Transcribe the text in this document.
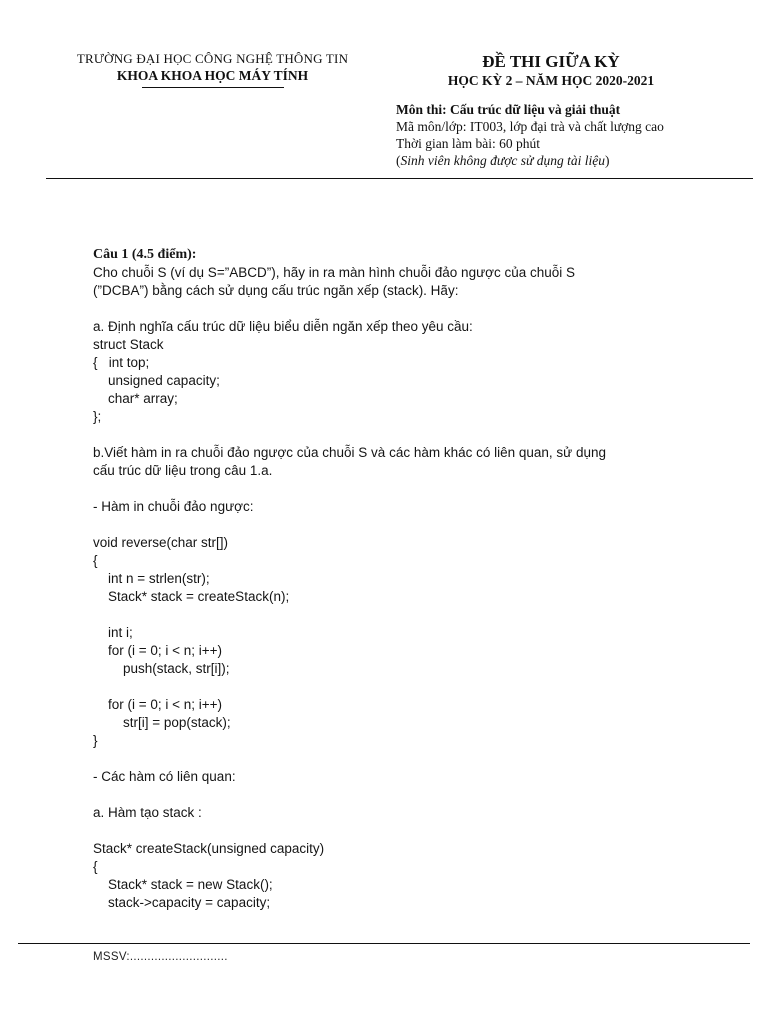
TRƯỜNG ĐẠI HỌC CÔNG NGHỆ THÔNG TIN
KHOA KHOA HỌC MÁY TÍNH
ĐỀ THI GIỮA KỲ
HỌC KỲ 2 – NĂM HỌC 2020-2021
Môn thi: Cấu trúc dữ liệu và giải thuật
Mã môn/lớp: IT003, lớp đại trà và chất lượng cao
Thời gian làm bài: 60 phút
(Sinh viên không được sử dụng tài liệu)
Câu 1 (4.5 điểm):
Cho chuỗi S (ví dụ S=”ABCD”), hãy in ra màn hình chuỗi đảo ngược của chuỗi S
(”DCBA”) bằng cách sử dụng cấu trúc ngăn xếp (stack). Hãy:
a. Định nghĩa cấu trúc dữ liệu biểu diễn ngăn xếp theo yêu cầu:
struct Stack
{   int top;
unsigned capacity;
char* array;
};
b.Viết hàm in ra chuỗi đảo ngược của chuỗi S và các hàm khác có liên quan, sử dụng
cấu trúc dữ liệu trong câu 1.a.
- Hàm in chuỗi đảo ngược:
void reverse(char str[])
{
int n = strlen(str);
Stack* stack = createStack(n);
int i;
for (i = 0; i < n; i++)
push(stack, str[i]);
for (i = 0; i < n; i++)
str[i] = pop(stack);
}
- Các hàm có liên quan:
a. Hàm tạo stack :
Stack* createStack(unsigned capacity)
{
Stack* stack = new Stack();
stack->capacity = capacity;
MSSV:............................
